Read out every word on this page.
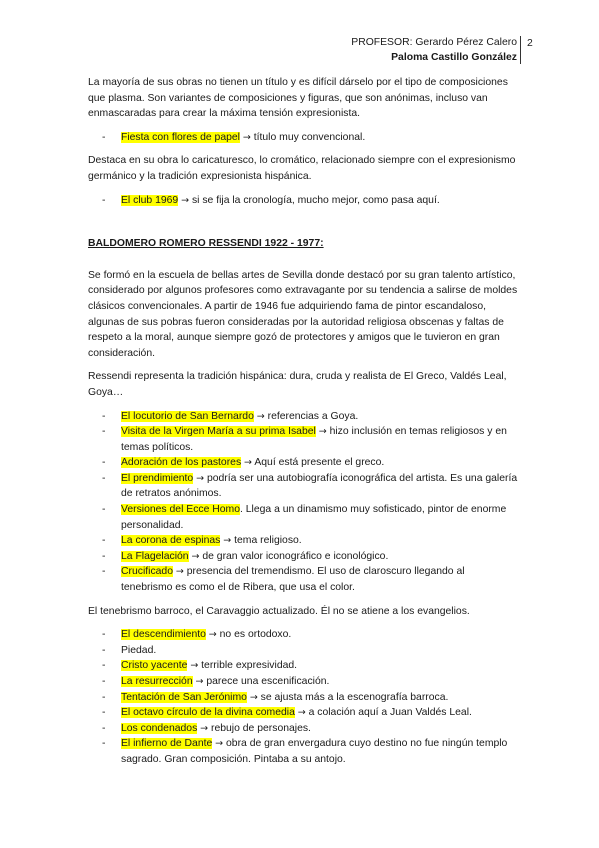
PROFESOR: Gerardo Pérez Calero
Paloma Castillo González
2

La mayoría de sus obras no tienen un título y es difícil dárselo por el tipo de composiciones que plasma. Son variantes de composiciones y figuras, que son anónimas, incluso van enmascaradas para crear la máxima tensión expresionista.

- Fiesta con flores de papel → título muy convencional.

Destaca en su obra lo caricaturesco, lo cromático, relacionado siempre con el expresionismo germánico y la tradición expresionista hispánica.

- El club 1969 → si se fija la cronología, mucho mejor, como pasa aquí.

BALDOMERO ROMERO RESSENDI 1922 - 1977:

Se formó en la escuela de bellas artes de Sevilla donde destacó por su gran talento artístico, considerado por algunos profesores como extravagante por su tendencia a salirse de moldes clásicos convencionales. A partir de 1946 fue adquiriendo fama de pintor escandaloso, algunas de sus pobras fueron consideradas por la autoridad religiosa obscenas y faltas de respeto a la moral, aunque siempre gozó de protectores y amigos que le tuvieron en gran consideración.

Ressendi representa la tradición hispánica: dura, cruda y realista de El Greco, Valdés Leal, Goya…

- El locutorio de San Bernardo → referencias a Goya.
- Visita de la Virgen María a su prima Isabel → hizo inclusión en temas religiosos y en temas políticos.
- Adoración de los pastores → Aquí está presente el greco.
- El prendimiento → podría ser una autobiografía iconográfica del artista. Es una galería de retratos anónimos.
- Versiones del Ecce Homo. Llega a un dinamismo muy sofisticado, pintor de enorme personalidad.
- La corona de espinas → tema religioso.
- La Flagelación → de gran valor iconográfico e iconológico.
- Crucificado → presencia del tremendismo. El uso de claroscuro llegando al tenebrismo es como el de Ribera, que usa el color.

El tenebrismo barroco, el Caravaggio actualizado. Él no se atiene a los evangelios.

- El descendimiento → no es ortodoxo.
- Piedad.
- Cristo yacente → terrible expresividad.
- La resurrección → parece una escenificación.
- Tentación de San Jerónimo → se ajusta más a la escenografía barroca.
- El octavo círculo de la divina comedia → a colación aquí a Juan Valdés Leal.
- Los condenados → rebujo de personajes.
- El infierno de Dante → obra de gran envergadura cuyo destino no fue ningún templo sagrado. Gran composición. Pintaba a su antojo.
